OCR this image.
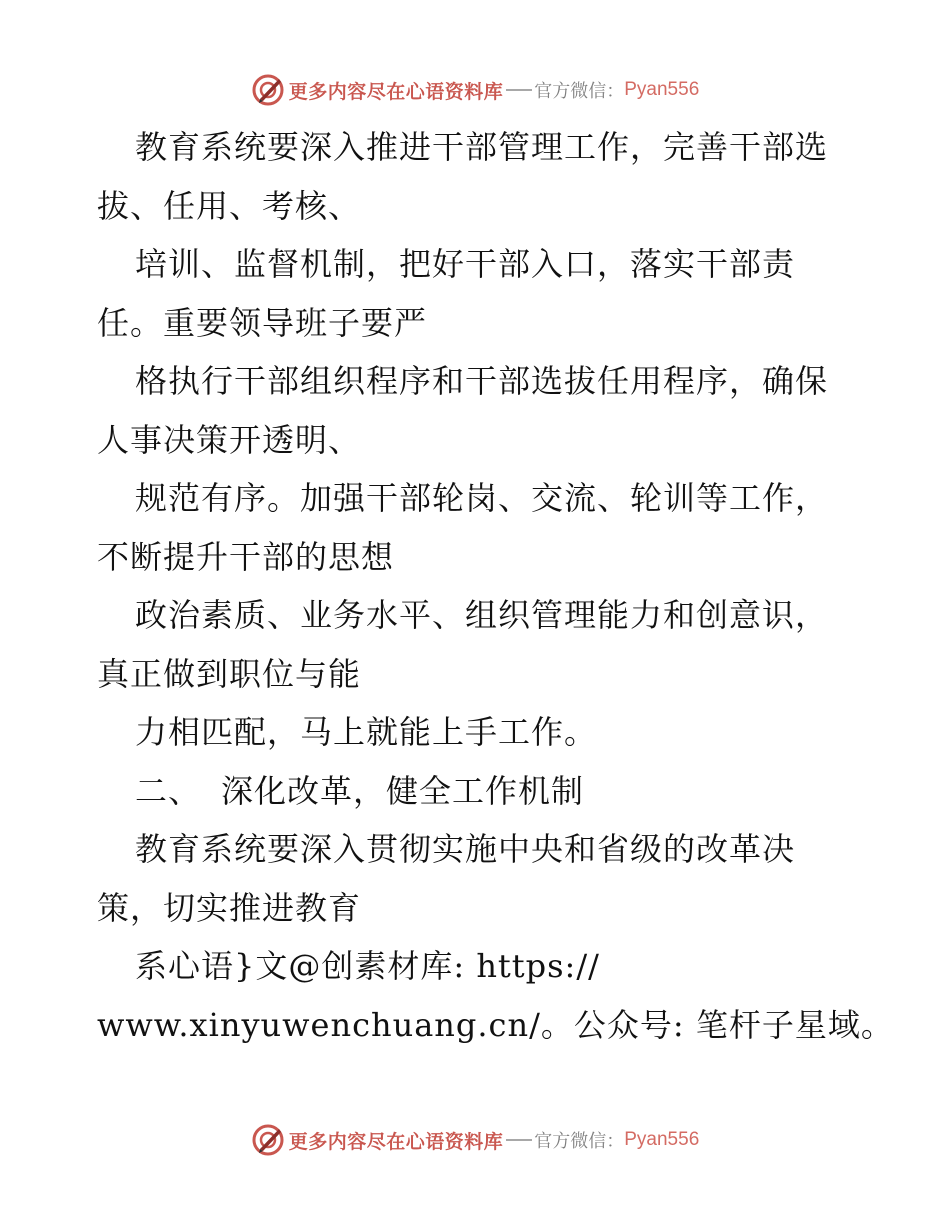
更多内容尽在心语资料库 官方微信： Pyan556
教育系统要深入推进干部管理工作，完善干部选
拔、任用、考核、
培训、监督机制，把好干部入口，落实干部责
任。重要领导班子要严
格执行干部组织程序和干部选拔任用程序，确保
人事决策开透明、
规范有序。加强干部轮岗、交流、轮训等工作，
不断提升干部的思想
政治素质、业务水平、组织管理能力和创意识，
真正做到职位与能
力相匹配，马上就能上手工作。
二、 深化改革，健全工作机制
教育系统要深入贯彻实施中央和省级的改革决
策，切实推进教育
系心语}文@创素材库: https://
www.xinyuwenchuang.cn/。公众号: 笔杆子星域。
更多内容尽在心语资料库 官方微信： Pyan556
